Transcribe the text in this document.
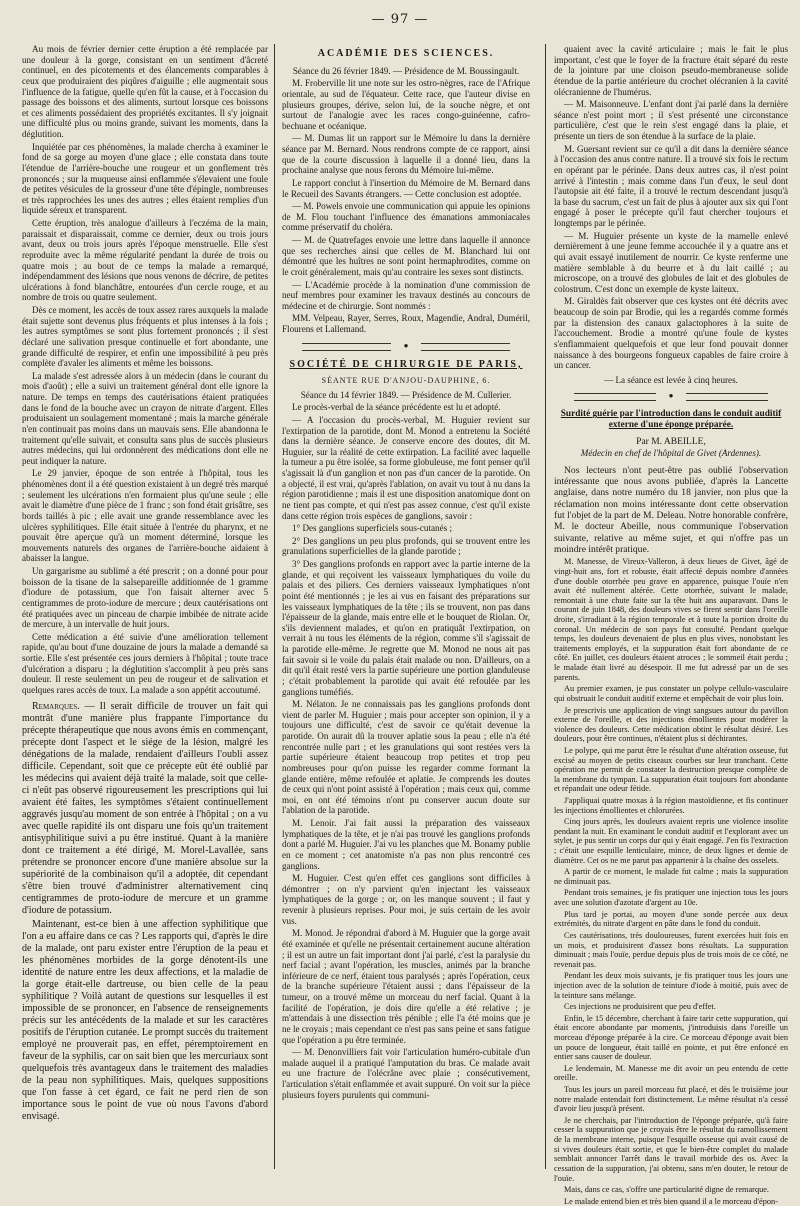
— 97 —

Au mois de février dernier cette éruption a été remplacée par une douleur à la gorge, consistant en un sentiment d'âcreté continuel, en des picotements et des élancements comparables à ceux que produiraient des piqûres d'aiguille ; elle augmentait sous l'influence de la fatigue, quelle qu'en fût la cause, et à l'occasion du passage des boissons et des aliments, surtout lorsque ces boissons et ces aliments possédaient des propriétés excitantes. Il s'y joignait une difficulté plus ou moins grande, suivant les moments, dans la déglutition.

Inquiétée par ces phénomènes, la malade chercha à examiner le fond de sa gorge au moyen d'une glace ; elle constata dans toute l'étendue de l'arrière-bouche une rougeur et un gonflement très prononcés ; sur la muqueuse ainsi enflammée s'élevaient une foule de petites vésicules de la grosseur d'une tête d'épingle, nombreuses et très rapprochées les unes des autres ; elles étaient remplies d'un liquide séreux et transparent.

Cette éruption, très analogue d'ailleurs à l'eczéma de la main, paraissait et disparaissait, comme ce dernier, deux ou trois jours avant, deux ou trois jours après l'époque menstruelle. Elle s'est reproduite avec la même régularité pendant la durée de trois ou quatre mois ; au bout de ce temps la malade a remarqué, indépendamment des lésions que nous venons de décrire, de petites ulcérations à fond blanchâtre, entourées d'un cercle rouge, et au nombre de trois ou quatre seulement.

Dès ce moment, les accès de toux assez rares auxquels la malade était sujette sont devenus plus fréquents et plus intenses à la fois ; les autres symptômes se sont plus fortement prononcés ; il s'est déclaré une salivation presque continuelle et fort abondante, une grande difficulté de respirer, et enfin une impossibilité à peu près complète d'avaler les aliments et même les boissons.

La malade s'est adressée alors à un médecin (dans le courant du mois d'août) ; elle a suivi un traitement général dont elle ignore la nature. De temps en temps des cautérisations étaient pratiquées dans le fond de la bouche avec un crayon de nitrate d'argent. Elles produisaient un soulagement momentané ; mais la marche générale n'en continuait pas moins dans un mauvais sens. Elle abandonna le traitement qu'elle suivait, et consulta sans plus de succès plusieurs autres médecins, qui lui ordonnèrent des médications dont elle ne peut indiquer la nature.

Le 29 janvier, époque de son entrée à l'hôpital, tous les phénomènes dont il a été question existaient à un degré très marqué ; seulement les ulcérations n'en formaient plus qu'une seule ; elle avait le diamètre d'une pièce de 1 franc ; son fond était grisâtre, ses bords taillés à pic ; elle avait une grande ressemblance avec les ulcères syphilitiques. Elle était située à l'entrée du pharynx, et ne pouvait être aperçue qu'à un moment déterminé, lorsque les mouvements naturels des organes de l'arrière-bouche aidaient à abaisser la langue.

Un gargarisme au sublimé a été prescrit ; on a donné pour pour boisson de la tisane de la salsepareille additionnée de 1 gramme d'iodure de potassium, que l'on faisait alterner avec 5 centigrammes de proto-iodure de mercure ; deux cautérisations ont été pratiquées avec un pinceau de charpie imbibée de nitrate acide de mercure, à un intervalle de huit jours.

Cette médication a été suivie d'une amélioration tellement rapide, qu'au bout d'une douzaine de jours la malade a demandé sa sortie. Elle s'est présentée ces jours derniers à l'hôpital ; toute trace d'ulcération a disparu ; la déglutition s'accomplit à peu près sans douleur. Il reste seulement un peu de rougeur et de salivation et quelques rares accès de toux. La malade a son appétit accoutumé.

Remarques. — Il serait difficile de trouver un fait qui montrât d'une manière plus frappante l'importance du précepte thérapeutique que nous avons émis en commençant, précepte dont l'aspect et le siége de la lésion, malgré les dénégations de la malade, rendaient d'ailleurs l'oubli assez difficile. Cependant, soit que ce précepte eût été oublié par les médecins qui avaient déjà traité la malade, soit que celle-ci n'eût pas observé rigoureusement les prescriptions qui lui avaient été faites, les symptômes s'étaient continuellement aggravés jusqu'au moment de son entrée à l'hôpital ; on a vu avec quelle rapidité ils ont disparu une fois qu'un traitement antisyphilitique suivi a pu être institué. Quant à la manière dont ce traitement a été dirigé, M. Morel-Lavallée, sans prétendre se prononcer encore d'une manière absolue sur la supériorité de la combinaison qu'il a adoptée, dit cependant s'être bien trouvé d'administrer alternativement cinq centigrammes de proto-iodure de mercure et un gramme d'iodure de potassium.

Maintenant, est-ce bien à une affection syphilitique que l'on a eu affaire dans ce cas ? Les rapports qui, d'après le dire de la malade, ont paru exister entre l'éruption de la peau et les phénomènes morbides de la gorge dénotent-ils une identité de nature entre les deux affections, et la maladie de la gorge était-elle dartreuse, ou bien celle de la peau syphilitique ? Voilà autant de questions sur lesquelles il est impossible de se prononcer, en l'absence de renseignements précis sur les antécédents de la malade et sur les caractères positifs de l'éruption cutanée. Le prompt succès du traitement employé ne prouverait pas, en effet, péremptoirement en faveur de la syphilis, car on sait bien que les mercuriaux sont quelquefois très avantageux dans le traitement des maladies de la peau non syphilitiques. Mais, quelques suppositions que l'on fasse à cet égard, ce fait ne perd rien de son importance sous le point de vue où nous l'avons d'abord envisagé.

ACADÉMIE DES SCIENCES.

Séance du 26 février 1849. — Présidence de M. Boussingault.

M. Froberville lit une note sur les ostro-nègres, race de l'Afrique orientale, au sud de l'équateur. Cette race, que l'auteur divise en plusieurs groupes, dérive, selon lui, de la souche nègre, et ont surtout de l'analogie avec les races congo-guinéenne, cafro-bechuane et océanique.

— M. Dumas lit un rapport sur le Mémoire lu dans la dernière séance par M. Bernard. Nous rendrons compte de ce rapport, ainsi que de la courte discussion à laquelle il a donné lieu, dans la prochaine analyse que nous ferons du Mémoire lui-même.

Le rapport conclut à l'insertion du Mémoire de M. Bernard dans le Recueil des Savants étrangers. — Cette conclusion est adoptée.

— M. Powels envoie une communication qui appuie les opinions de M. Flou touchant l'influence des émanations ammoniacales comme préservatif du choléra.

— M. de Quatrefages envoie une lettre dans laquelle il annonce que ses recherches ainsi que celles de M. Blanchard lui ont démontré que les huîtres ne sont point hermaphrodites, comme on le croit généralement, mais qu'au contraire les sexes sont distincts.

— L'Académie procède à la nomination d'une commission de neuf membres pour examiner les travaux destinés au concours de médecine et de chirurgie. Sont nommés :

MM. Velpeau, Rayer, Serres, Roux, Magendie, Andral, Duméril, Flourens et Lallemand.

●
SOCIÉTÉ DE CHIRURGIE DE PARIS,
SÉANTE RUE D'ANJOU-DAUPHINE, 6.

Séance du 14 février 1849. — Présidence de M. Cullerier.

Le procès-verbal de la séance précédente est lu et adopté.

— A l'occasion du procès-verbal, M. Huguier revient sur l'extirpation de la parotide, dont M. Monod a entretenu la Société dans la dernière séance. Je conserve encore des doutes, dit M. Huguier, sur la réalité de cette extirpation. La facilité avec laquelle la tumeur a pu être isolée, sa forme globuleuse, me font penser qu'il s'agissait là d'un ganglion et non pas d'un cancer de la parotide. On a objecté, il est vrai, qu'après l'ablation, on avait vu tout à nu dans la région parotidienne ; mais il est une disposition anatomique dont on ne tient pas compte, et qui n'est pas assez connue, c'est qu'il existe dans cette région trois espèces de ganglions, savoir :

1° Des ganglions superficiels sous-cutanés ;

2° Des ganglions un peu plus profonds, qui se trouvent entre les granulations superficielles de la glande parotide ;

3° Des ganglions profonds en rapport avec la partie interne de la glande, et qui reçoivent les vaisseaux lymphatiques du voile du palais et des piliers. Ces derniers vaisseaux lymphatiques n'ont point été mentionnés ; je les ai vus en faisant des préparations sur les vaisseaux lymphatiques de la tête ; ils se trouvent, non pas dans l'épaisseur de la glande, mais entre elle et le bouquet de Riolan. Or, s'ils deviennent malades, et qu'on en pratiquât l'extirpation, on verrait à nu tous les éléments de la région, comme s'il s'agissait de la parotide elle-même. Je regrette que M. Monod ne nous ait pas fait savoir si le voile du palais était malade ou non. D'ailleurs, on a dit qu'il était resté vers la partie supérieure une portion glanduleuse ; c'était probablement la parotide qui avait été refoulée par les ganglions tuméfiés.

M. Nélaton. Je ne connaissais pas les ganglions profonds dont vient de parler M. Huguier ; mais pour accepter son opinion, il y a toujours une difficulté, c'est de savoir ce qu'était devenue la parotide. On aurait dû la trouver aplatie sous la peau ; elle n'a été rencontrée nulle part ; et les granulations qui sont restées vers la partie supérieure étaient beaucoup trop petites et trop peu nombreuses pour qu'on puisse les regarder comme formant la glande entière, même refoulée et aplatie. Je comprends les doutes de ceux qui n'ont point assisté à l'opération ; mais ceux qui, comme moi, en ont été témoins n'ont pu conserver aucun doute sur l'ablation de la parotide.

M. Lenoir. J'ai fait aussi la préparation des vaisseaux lymphatiques de la tête, et je n'ai pas trouvé les ganglions profonds dont a parlé M. Huguier. J'ai vu les planches que M. Bonamy publie en ce moment ; cet anatomiste n'a pas non plus rencontré ces ganglions.

M. Huguier. C'est qu'en effet ces ganglions sont difficiles à démontrer ; on n'y parvient qu'en injectant les vaisseaux lymphatiques de la gorge ; or, on les manque souvent ; il faut y revenir à plusieurs reprises. Pour moi, je suis certain de les avoir vus.

M. Monod. Je répondrai d'abord à M. Huguier que la gorge avait été examinée et qu'elle ne présentait certainement aucune altération ; il est un autre un fait important dont j'ai parlé, c'est la paralysie du nerf facial ; avant l'opération, les muscles, animés par la branche inférieure de ce nerf, étaient tous paralysés ; après l'opération, ceux de la branche supérieure l'étaient aussi ; dans l'épaisseur de la tumeur, on a trouvé même un morceau du nerf facial. Quant à la facilité de l'opération, je dois dire qu'elle a été relative ; je m'attendais à une dissection très pénible ; elle l'a été moins que je ne le croyais ; mais cependant ce n'est pas sans peine et sans fatigue que l'opération a pu être terminée.

— M. Denonvilliers fait voir l'articulation huméro-cubitale d'un malade auquel il a pratiqué l'amputation du bras. Ce malade avait eu une fracture de l'olécrâne avec plaie ; consécutivement, l'articulation s'était enflammée et avait suppuré. On voit sur la pièce plusieurs foyers purulents qui communi-

quaient avec la cavité articulaire ; mais le fait le plus important, c'est que le foyer de la fracture était séparé du reste de la jointure par une cloison pseudo-membraneuse solide étendue de la partie antérieure du crochet olécranien à la cavité olécranienne de l'humérus.

— M. Maisonneuve. L'enfant dont j'ai parlé dans la dernière séance n'est point mort ; il s'est présenté une circonstance particulière, c'est que le rein s'est engagé dans la plaie, et présente un tiers de son étendue à la surface de la plaie.

M. Guersant revient sur ce qu'il a dit dans la dernière séance à l'occasion des anus contre nature. Il a trouvé six fois le rectum en opérant par le périnée. Dans deux autres cas, il n'est point arrivé à l'intestin ; mais comme dans l'un d'eux, le seul dont l'autopsie ait été faite, il a trouvé le rectum descendant jusqu'à la base du sacrum, c'est un fait de plus à ajouter aux six qui l'ont engagé à poser le précepte qu'il faut chercher toujours et longtemps par le périnée.

— M. Huguier présente un kyste de la mamelle enlevé dernièrement à une jeune femme accouchée il y a quatre ans et qui avait essayé inutilement de nourrir. Ce kyste renferme une matière semblable à du beurre et à du lait caillé ; au microscope, on a trouvé des globules de lait et des globules de colostrum. C'est donc un exemple de kyste laiteux.

M. Giraldès fait observer que ces kystes ont été décrits avec beaucoup de soin par Brodie, qui les a regardés comme formés par la distension des canaux galactophores à la suite de l'accouchement. Brodie a montré qu'une foule de kystes s'enflammaient quelquefois et que leur fond pouvait donner naissance à des bourgeons fongueux capables de faire croire à un cancer.

— La séance est levée à cinq heures.

●
Surdité guérie par l'introduction dans le conduit auditif externe d'une éponge préparée.

Par M. ABEILLE,

Médecin en chef de l'hôpital de Givet (Ardennes).

Nos lecteurs n'ont peut-être pas oublié l'observation intéressante que nous avons publiée, d'après la Lancette anglaise, dans notre numéro du 18 janvier, non plus que la réclamation non moins intéressante dont cette observation fut l'objet de la part de M. Deleau. Notre honorable confrère, M. le docteur Abeille, nous communique l'observation suivante, relative au même sujet, et qui n'offre pas un moindre intérêt pratique.

M. Manesse, de Vireux-Valleron, à deux lieues de Givet, âgé de vingt-huit ans, fort et robuste, était affecté depuis nombre d'années d'une double otorrhée peu grave en apparence, puisque l'ouïe n'en avait été nullement altérée. Cette otorrhée, suivant le malade, remontait à une chute faite sur la tête huit ans auparavant. Dans le courant de juin 1848, des douleurs vives se firent sentir dans l'oreille droite, s'irradiant à la région temporale et à toute la portion droite du coronal. Un médecin de son pays fut consulté. Pendant quelque temps, les douleurs devenaient de plus en plus vives, nonobstant les traitements employés, et la suppuration était fort abondante de ce côté. En juillet, ces douleurs étaient atroces ; le sommeil était perdu ; le malade était livré au désespoir. Il me fut adressé par un de ses parents.

Au premier examen, je pus constater un polype cellulo-vasculaire qui obstruait le conduit auditif externe et empêchait de voir plus loin.

Je prescrivis une application de vingt sangsues autour du pavillon externe de l'oreille, et des injections émollientes pour modérer la violence des douleurs. Cette médication obtint le résultat désiré. Les douleurs, pour être continues, n'étaient plus si déchirantes.

Le polype, qui me parut être le résultat d'une altération osseuse, fut excisé au moyen de petits ciseaux courbes sur leur tranchant. Cette opération me permit de constater la destruction presque complète de la membrane du tympan. La suppuration était toujours fort abondante et répandait une odeur fétide.

J'appliquai quatre moxas à la région mastoïdienne, et fis continuer les injections émollientes et chlorurées.

Cinq jours après, les douleurs avaient repris une violence insolite pendant la nuit. En examinant le conduit auditif et l'explorant avec un stylet, je pus sentir un corps dur qui y était engagé. J'en fis l'extraction ; c'était une esquille lenticulaire, mince, de deux lignes et demie de diamètre. Cet os ne me parut pas appartenir à la chaîne des osselets.

A partir de ce moment, le malade fut calme ; mais la suppuration ne diminuait pas.

Pendant trois semaines, je fis pratiquer une injection tous les jours avec une solution d'azotate d'argent au 10e.

Plus tard je portai, au moyen d'une sonde percée aux deux extrémités, du nitrate d'argent en pâte dans le fond du conduit.

Ces cautérisations, très douloureuses, furent exercées huit fois en un mois, et produisirent d'assez bons résultats. La suppuration diminuait ; mais l'ouïe, perdue depuis plus de trois mois de ce côté, ne revenait pas.

Pendant les deux mois suivants, je fis pratiquer tous les jours une injection avec de la solution de teinture d'iode à moitié, puis avec de la teinture sans mélange.

Ces injections ne produisirent que peu d'effet.

Enfin, le 15 décembre, cherchant à faire tarir cette suppuration, qui était encore abondante par moments, j'introduisis dans l'oreille un morceau d'éponge préparée à la cire. Ce morceau d'éponge avait bien un pouce de longueur, était taillé en pointe, et put être enfoncé en entier sans causer de douleur.

Le lendemain, M. Manesse me dit avoir un peu entendu de cette oreille.

Tous les jours un pareil morceau fut placé, et dès le troisième jour notre malade entendait fort distinctement. Le même résultat n'a cessé d'avoir lieu jusqu'à présent.

Je ne cherchais, par l'introduction de l'éponge préparée, qu'à faire cesser la suppuration que je croyais être le résultat du ramollissement de la membrane interne, puisque l'esquille osseuse qui avait causé de si vives douleurs était sortie, et que le bien-être complet du malade semblait annoncer l'arrêt dans le travail morbide des os. Avec la cessation de la suppuration, j'ai obtenu, sans m'en douter, le retour de l'ouïe.

Mais, dans ce cas, s'offre une particularité digne de remarque.

Le malade entend bien et très bien quand il a le morceau d'épon-
